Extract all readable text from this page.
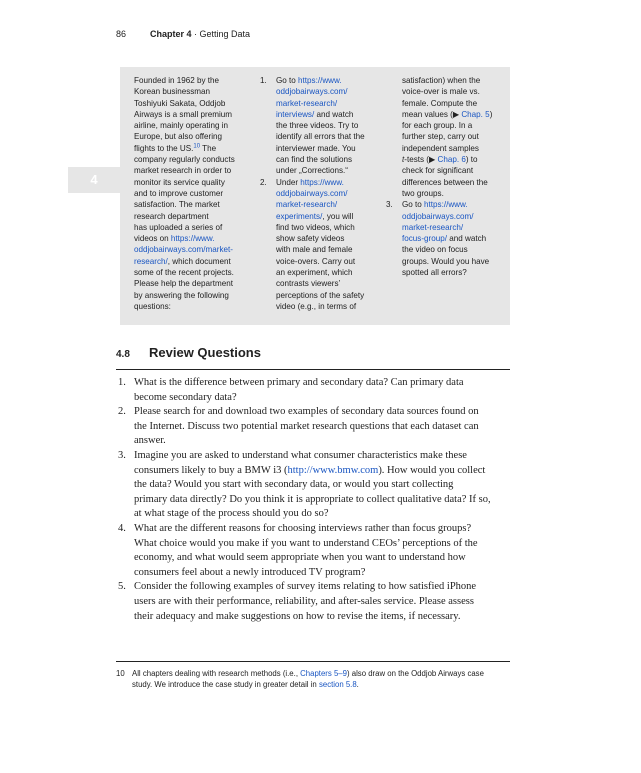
86	Chapter 4 · Getting Data
4
Founded in 1962 by the
Korean businessman
Toshiyuki Sakata, Oddjob
Airways is a small premium
airline, mainly operating in
Europe, but also offering
flights to the US.$^{10}$ The
company regularly conducts
market research in order to
monitor its service quality
and to improve customer
satisfaction. The market
research department
has uploaded a series of
videos on https://www.
oddjobairways.com/market-
research/, which document
some of the recent projects.
Please help the department
by answering the following
questions:
1. Go to https://www.
oddjobairways.com/
market-research/
interviews/ and watch
the three videos. Try to
identify all errors that the
interviewer made. You
can find the solutions
under „Corrections.“
2. Under https://www.
oddjobairways.com/
market-research/
experiments/, you will
find two videos, which
show safety videos
with male and female
voice-overs. Carry out
an experiment, which
contrasts viewers’
perceptions of the safety
video (e.g., in terms of
satisfaction) when the
voice-over is male vs.
female. Compute the
mean values (▶ Chap. 5)
for each group. In a
further step, carry out
independent samples
t-tests (▶ Chap. 6) to
check for significant
differences between the
two groups.
3. Go to https://www.
oddjobairways.com/
market-research/
focus-group/ and watch
the video on focus
groups. Would you have
spotted all errors?
4.8 Review Questions
1. What is the difference between primary and secondary data? Can primary data
become secondary data?
2. Please search for and download two examples of secondary data sources found on
the Internet. Discuss two potential market research questions that each dataset can
answer.
3. Imagine you are asked to understand what consumer characteristics make these
consumers likely to buy a BMW i3 (http://www.bmw.com). How would you collect
the data? Would you start with secondary data, or would you start collecting
primary data directly? Do you think it is appropriate to collect qualitative data? If so,
at what stage of the process should you do so?
4. What are the different reasons for choosing interviews rather than focus groups?
What choice would you make if you want to understand CEOs’ perceptions of the
economy, and what would seem appropriate when you want to understand how
consumers feel about a newly introduced TV program?
5. Consider the following examples of survey items relating to how satisfied iPhone
users are with their performance, reliability, and after-sales service. Please assess
their adequacy and make suggestions on how to revise the items, if necessary.
10 All chapters dealing with research methods (i.e., Chapters 5–9) also draw on the Oddjob Airways case
study. We introduce the case study in greater detail in section 5.8.
